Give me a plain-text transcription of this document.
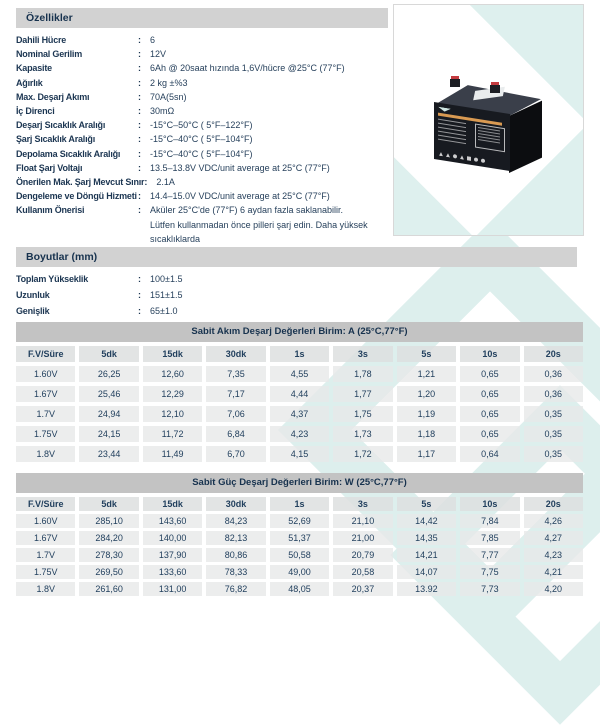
Özellikler
Dahili Hücre	:	6
Nominal Gerilim	:	12V
Kapasite	:	6Ah @ 20saat hızında 1,6V/hücre @25°C (77°F)
Ağırlık	:	2 kg ±%3
Max. Deşarj Akımı	:	70A(5sn)
İç Direnci	:	30mΩ
Deşarj Sıcaklık Aralığı	:	-15°C–50°C ( 5°F–122°F)
Şarj Sıcaklık Aralığı	:	-15°C–40°C ( 5°F–104°F)
Depolama Sıcaklık Aralığı	:	-15°C–40°C ( 5°F–104°F)
Float Şarj Voltajı	:	13.5–13.8V VDC/unit average at 25°C (77°F)
Önerilen Mak. Şarj Mevcut Sınır :	2.1A
Dengeleme ve Döngü Hizmeti :	14.4–15.0V VDC/unit average at 25°C (77°F)
Kullanım Önerisi	:	Aküler 25°C'de (77°F) 6 aydan fazla saklanabilir.
Lütfen kullanmadan önce pilleri şarj edin. Daha yüksek sıcaklıklarda
Boyutlar (mm)
Toplam Yükseklik	:	100±1.5
Uzunluk	:	151±1.5
Genişlik	:	65±1.0
Sabit Akım Deşarj Değerleri Birim: A (25°C,77°F)
F.V/Süre	5dk	15dk	30dk	1s	3s	5s	10s	20s
1.60V	26,25	12,60	7,35	4,55	1,78	1,21	0,65	0,36
1.67V	25,46	12,29	7,17	4,44	1,77	1,20	0,65	0,36
1.7V	24,94	12,10	7,06	4,37	1,75	1,19	0,65	0,35
1.75V	24,15	11,72	6,84	4,23	1,73	1,18	0,65	0,35
1.8V	23,44	11,49	6,70	4,15	1,72	1,17	0,64	0,35
Sabit Güç Deşarj Değerleri Birim: W (25°C,77°F)
F.V/Süre	5dk	15dk	30dk	1s	3s	5s	10s	20s
1.60V	285,10	143,60	84,23	52,69	21,10	14,42	7,84	4,26
1.67V	284,20	140,00	82,13	51,37	21,00	14,35	7,85	4,27
1.7V	278,30	137,90	80,86	50,58	20,79	14,21	7,77	4,23
1.75V	269,50	133,60	78,33	49,00	20,58	14,07	7,75	4,21
1.8V	261,60	131,00	76,82	48,05	20,37	13.92	7,73	4,20
